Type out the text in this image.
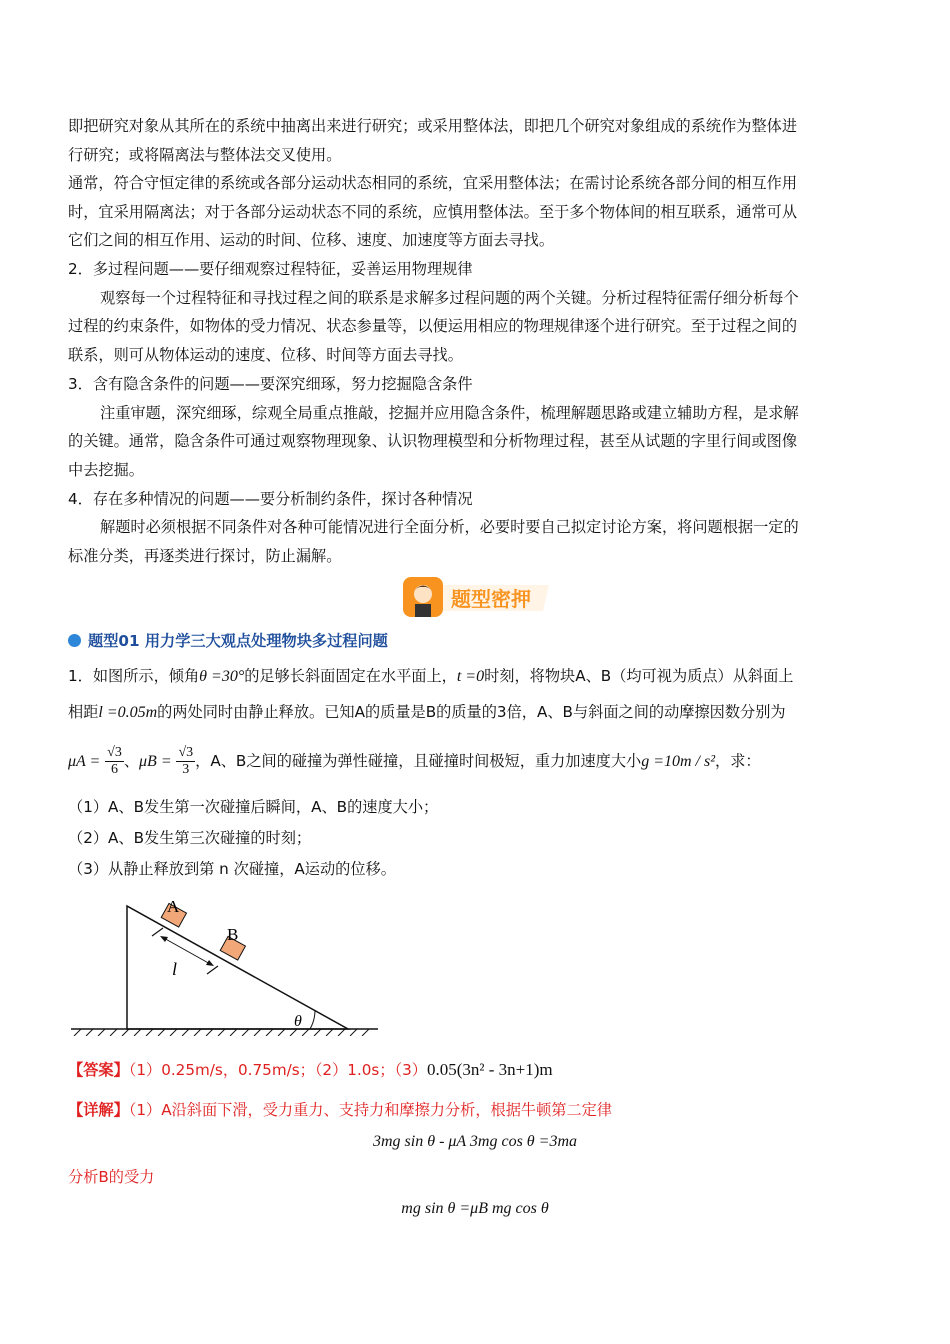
即把研究对象从其所在的系统中抽离出来进行研究；或采用整体法，即把几个研究对象组成的系统作为整体进
行研究；或将隔离法与整体法交叉使用。
通常，符合守恒定律的系统或各部分运动状态相同的系统，宜采用整体法；在需讨论系统各部分间的相互作用
时，宜采用隔离法；对于各部分运动状态不同的系统，应慎用整体法。至于多个物体间的相互联系，通常可从
它们之间的相互作用、运动的时间、位移、速度、加速度等方面去寻找。
2．多过程问题——要仔细观察过程特征，妥善运用物理规律
观察每一个过程特征和寻找过程之间的联系是求解多过程问题的两个关键。分析过程特征需仔细分析每个
过程的约束条件，如物体的受力情况、状态参量等，以便运用相应的物理规律逐个进行研究。至于过程之间的
联系，则可从物体运动的速度、位移、时间等方面去寻找。
3．含有隐含条件的问题——要深究细琢，努力挖掘隐含条件
注重审题，深究细琢，综观全局重点推敲，挖掘并应用隐含条件，梳理解题思路或建立辅助方程，是求解
的关键。通常，隐含条件可通过观察物理现象、认识物理模型和分析物理过程，甚至从试题的字里行间或图像
中去挖掘。
4．存在多种情况的问题——要分析制约条件，探讨各种情况
解题时必须根据不同条件对各种可能情况进行全面分析，必要时要自己拟定讨论方案，将问题根据一定的
标准分类，再逐类进行探讨，防止漏解。
题型密押
题型01 用力学三大观点处理物块多过程问题
1．如图所示，倾角θ =30°的足够长斜面固定在水平面上，t =0时刻，将物块A、B（均可视为质点）从斜面上
相距l =0.05m的两处同时由静止释放。已知A的质量是B的质量的3倍，A、B与斜面之间的动摩擦因数分别为
$\mu A = \frac{√3}{6}$ 、$\mu B = \frac{√3}{3}$ ，A、B之间的碰撞为弹性碰撞，且碰撞时间极短，重力加速度大小g =10m / s²，求：
（1）A、B发生第一次碰撞后瞬间，A、B的速度大小；
（2）A、B发生第三次碰撞的时刻；
（3）从静止释放到第 n 次碰撞，A运动的位移。
A
B
l
θ
【答案】（1）0.25m/s，0.75m/s；（2）1.0s；（3）0.05(3n² - 3n+1)m
【详解】（1）A沿斜面下滑，受力重力、支持力和摩擦力分析，根据牛顿第二定律
3mg sin θ - μA 3mg cos θ =3ma
分析B的受力
mg sin θ =μB mg cos θ
